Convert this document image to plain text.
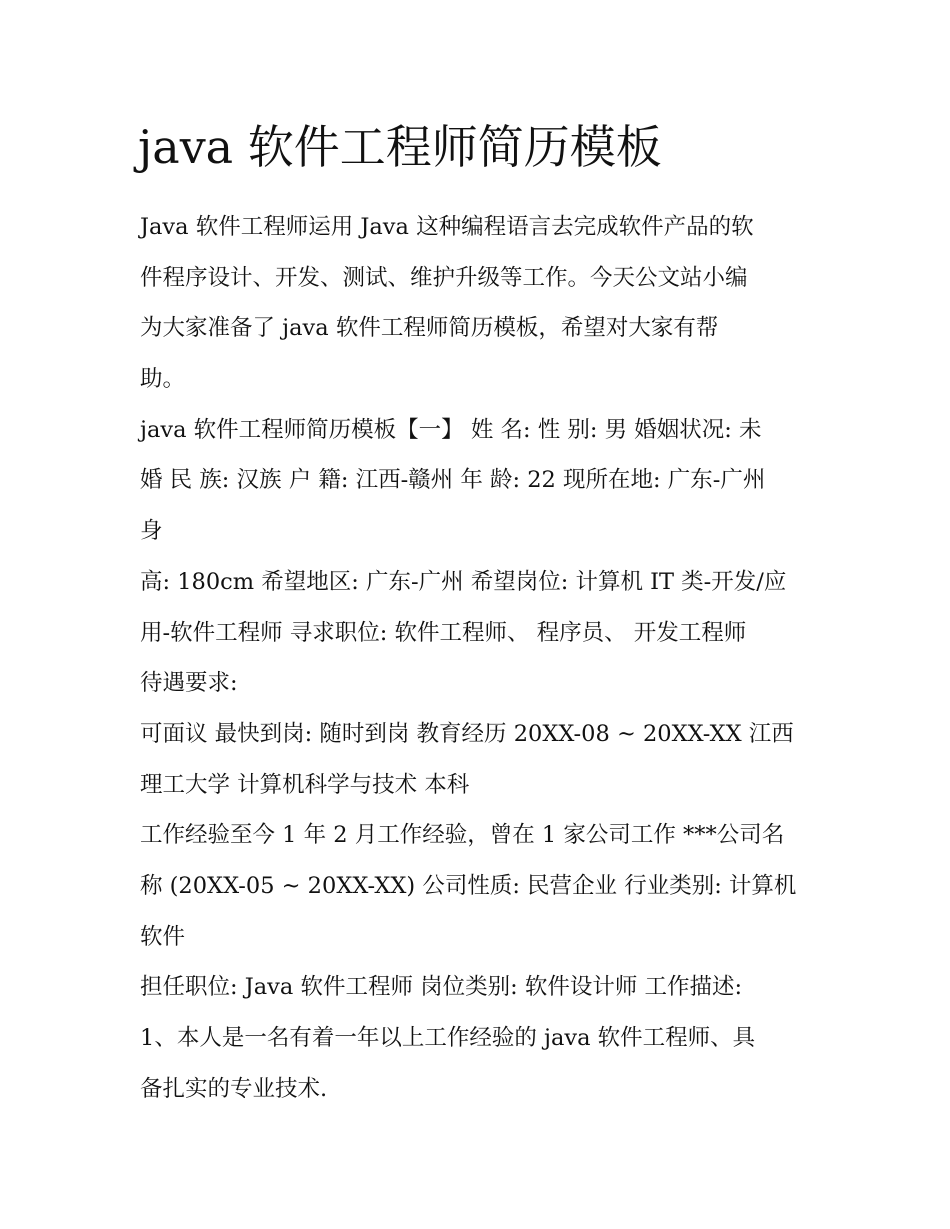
java 软件工程师简历模板

Java 软件工程师运用 Java 这种编程语言去完成软件产品的软
件程序设计、开发、测试、维护升级等工作。今天公文站小编
为大家准备了 java 软件工程师简历模板，希望对大家有帮
助。

java 软件工程师简历模板【一】 姓 名: 性 别: 男 婚姻状况: 未
婚 民 族: 汉族 户 籍: 江西-赣州 年 龄: 22 现所在地: 广东-广州
身

高: 180cm 希望地区: 广东-广州 希望岗位: 计算机 IT 类-开发/应
用-软件工程师 寻求职位: 软件工程师、 程序员、 开发工程师
待遇要求:

可面议 最快到岗: 随时到岗 教育经历 20XX-08 ~ 20XX-XX 江西
理工大学 计算机科学与技术 本科

工作经验至今 1 年 2 月工作经验，曾在 1 家公司工作 ***公司名
称 (20XX-05 ~ 20XX-XX) 公司性质: 民营企业 行业类别: 计算机
软件

担任职位: Java 软件工程师 岗位类别: 软件设计师 工作描述:

1、本人是一名有着一年以上工作经验的 java 软件工程师、具
备扎实的专业技术.
